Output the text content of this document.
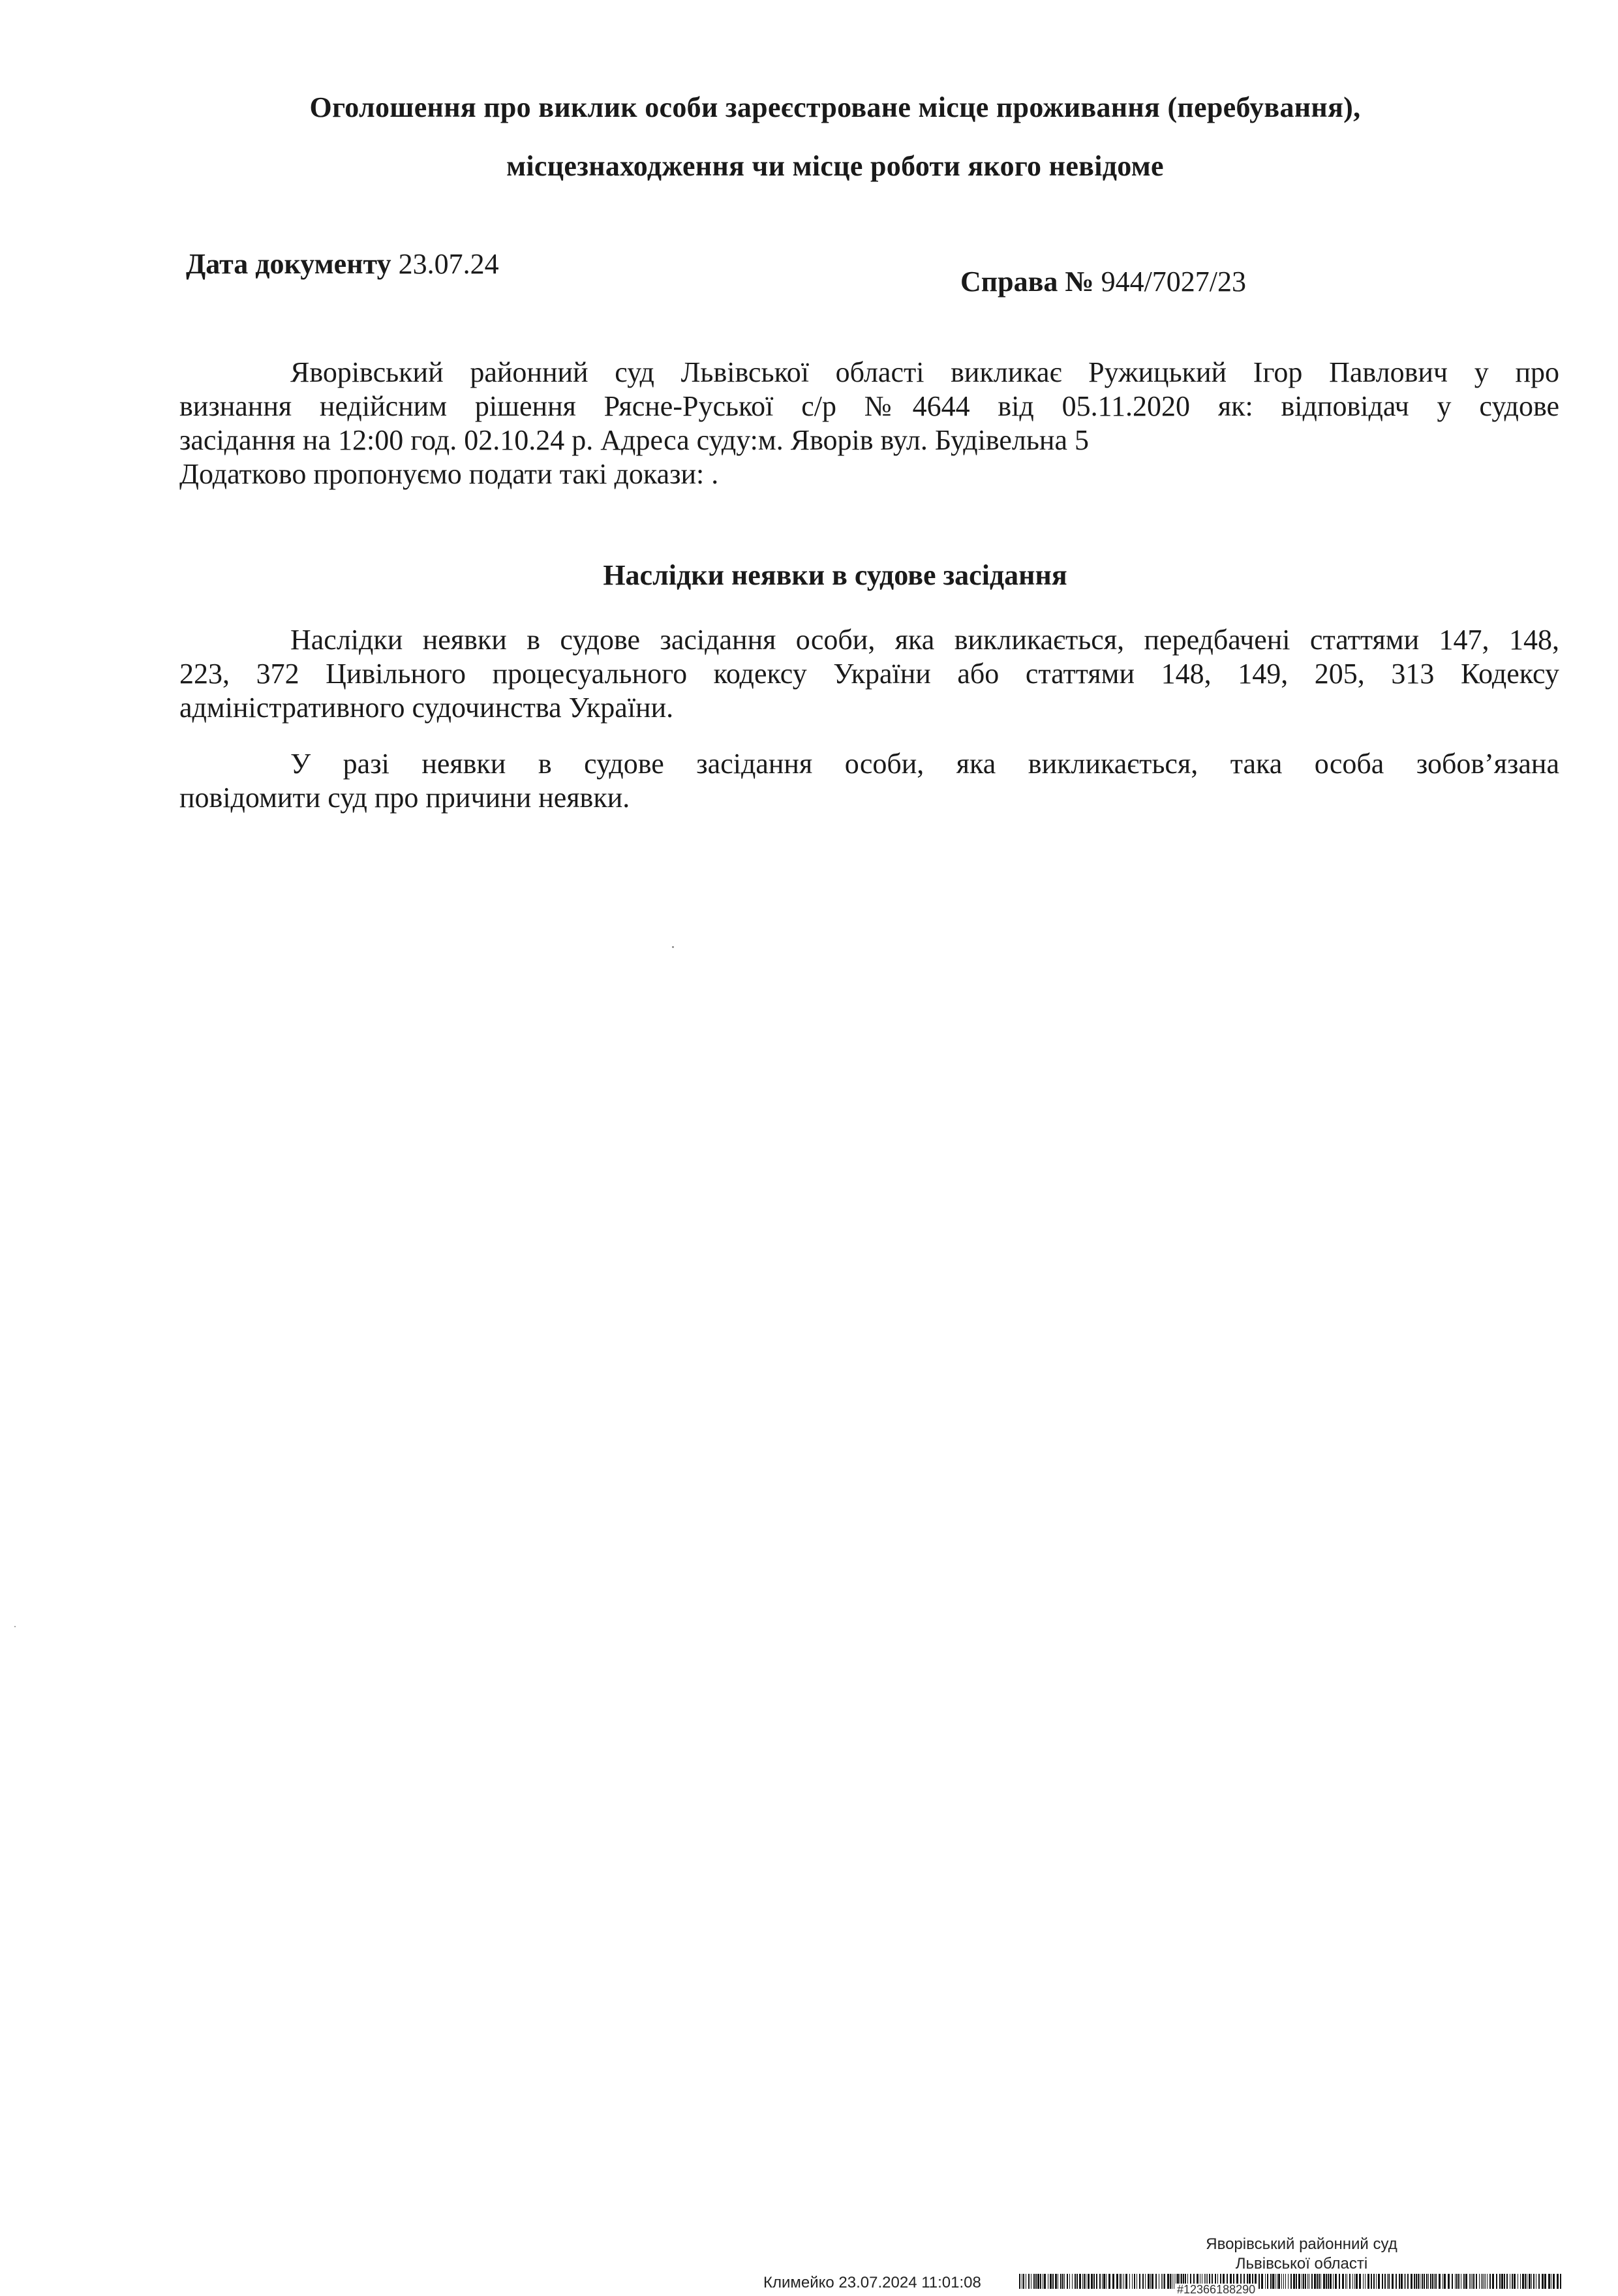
Оголошення про виклик особи зареєстроване місце проживання (перебування),
місцезнаходження чи місце роботи якого невідоме
Дата документу 23.07.24
Справа № 944/7027/23
Яворівський районний суд Львівської області викликає Ружицький Ігор Павлович у про
визнання недійсним рішення Рясне-Руської с/р №4644 від 05.11.2020 як: відповідач у судове
засідання на 12:00 год. 02.10.24 р. Адреса суду:м. Яворів вул. Будівельна 5
Додатково пропонуємо подати такі докази: .
Наслідки неявки в судове засідання
Наслідки неявки в судове засідання особи, яка викликається, передбачені статтями 147, 148,
223, 372 Цивільного процесуального кодексу України або статтями 148, 149, 205, 313 Кодексу
адміністративного судочинства України.
У разі неявки в судове засідання особи, яка викликається, така особа зобов’язана
повідомити суд про причини неявки.
Яворівський районний суд
Львівської області
Климейко 23.07.2024 11:01:08	#12366188290
